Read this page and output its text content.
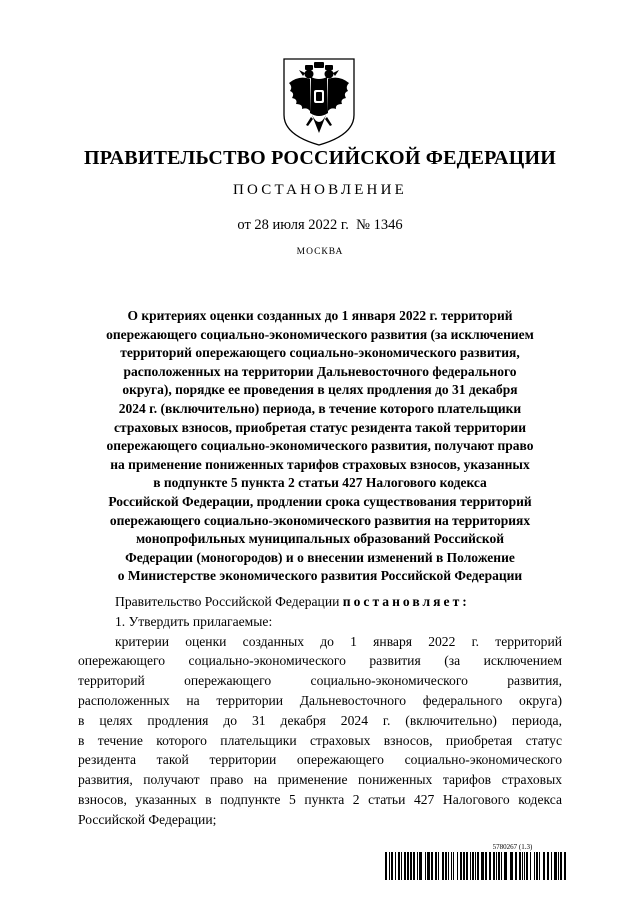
ПРАВИТЕЛЬСТВО РОССИЙСКОЙ ФЕДЕРАЦИИ
ПОСТАНОВЛЕНИЕ
от 28 июля 2022 г. № 1346
МОСКВА
О критериях оценки созданных до 1 января 2022 г. территорий
опережающего социально-экономического развития (за исключением
территорий опережающего социально-экономического развития,
расположенных на территории Дальневосточного федерального
округа), порядке ее проведения в целях продления до 31 декабря
2024 г. (включительно) периода, в течение которого плательщики
страховых взносов, приобретая статус резидента такой территории
опережающего социально-экономического развития, получают право
на применение пониженных тарифов страховых взносов, указанных
в подпункте 5 пункта 2 статьи 427 Налогового кодекса
Российской Федерации, продлении срока существования территорий
опережающего социально-экономического развития на территориях
монопрофильных муниципальных образований Российской
Федерации (моногородов) и о внесении изменений в Положение
о Министерстве экономического развития Российской Федерации

Правительство Российской Федерации постановляет:

1. Утвердить прилагаемые:

критерии оценки созданных до 1 января 2022 г. территорий
опережающего социально-экономического развития (за исключением
территорий опережающего социально-экономического развития,
расположенных на территории Дальневосточного федерального округа)
в целях продления до 31 декабря 2024 г. (включительно) периода,
в течение которого плательщики страховых взносов, приобретая статус
резидента такой территории опережающего социально-экономического
развития, получают право на применение пониженных тарифов страховых
взносов, указанных в подпункте 5 пункта 2 статьи 427 Налогового кодекса
Российской Федерации;
5780267 (1.3)
